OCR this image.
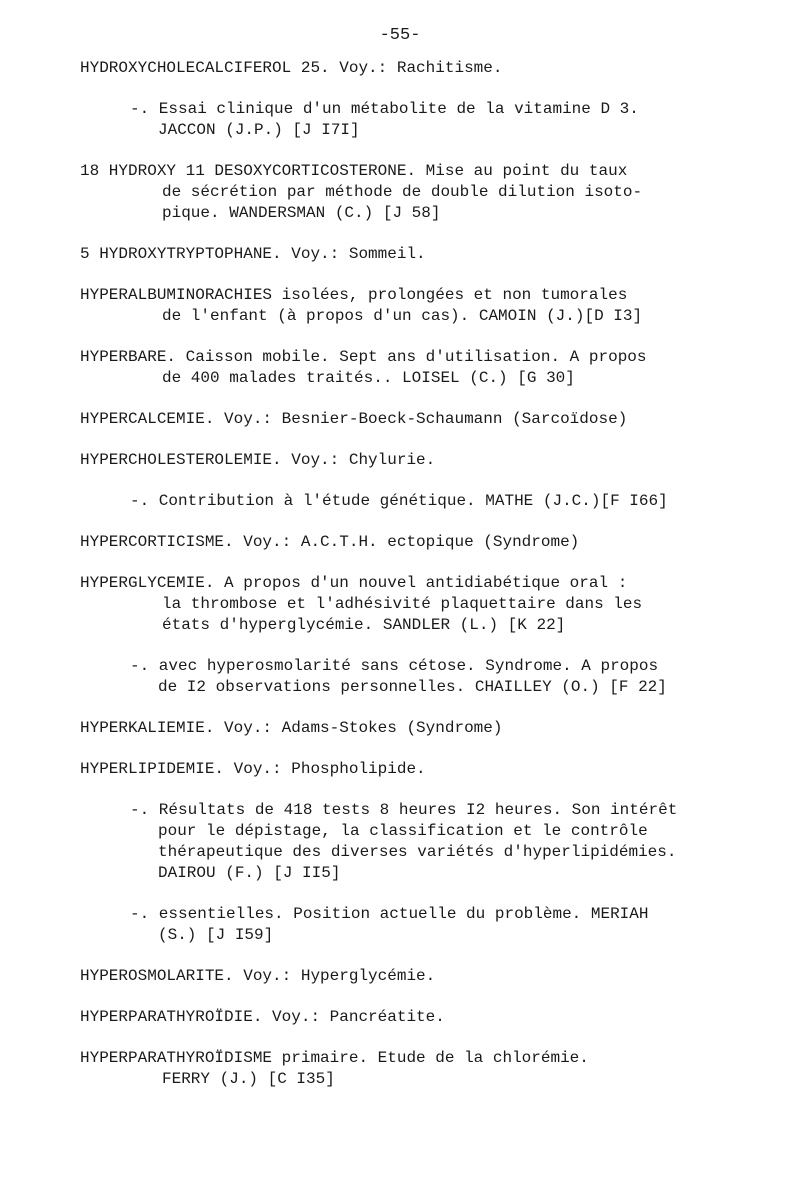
-55-
HYDROXYCHOLECALCIFEROL 25. Voy.: Rachitisme.
-. Essai clinique d'un métabolite de la vitamine D 3.
JACCON (J.P.) [J I7I]
18 HYDROXY 11 DESOXYCORTICOSTERONE. Mise au point du taux
de sécrétion par méthode de double dilution isoto-
pique. WANDERSMAN (C.) [J 58]
5 HYDROXYTRYPTOPHANE. Voy.: Sommeil.
HYPERALBUMINORACHIES isolées, prolongées et non tumorales
de l'enfant (à propos d'un cas). CAMOIN (J.)[D I3]
HYPERBARE. Caisson mobile. Sept ans d'utilisation. A propos
de 400 malades traités.. LOISEL (C.) [G 30]
HYPERCALCEMIE. Voy.: Besnier-Boeck-Schaumann (Sarcoïdose)
HYPERCHOLESTEROLEMIE. Voy.: Chylurie.
-. Contribution à l'étude génétique. MATHE (J.C.)[F I66]
HYPERCORTICISME. Voy.: A.C.T.H. ectopique (Syndrome)
HYPERGLYCEMIE. A propos d'un nouvel antidiabétique oral :
la thrombose et l'adhésivité plaquettaire dans les
états d'hyperglycémie. SANDLER (L.) [K 22]
-. avec hyperosmolarité sans cétose. Syndrome. A propos
de I2 observations personnelles. CHAILLEY (O.) [F 22]
HYPERKALIEMIE. Voy.: Adams-Stokes (Syndrome)
HYPERLIPIDEMIE. Voy.: Phospholipide.
-. Résultats de 418 tests 8 heures I2 heures. Son intérêt
pour le dépistage, la classification et le contrôle
thérapeutique des diverses variétés d'hyperlipidémies.
DAIROU (F.) [J II5]
-. essentielles. Position actuelle du problème. MERIAH
(S.) [J I59]
HYPEROSMOLARITE. Voy.: Hyperglycémie.
HYPERPARATHYROÏDIE. Voy.: Pancréatite.
HYPERPARATHYROÏDISME primaire. Etude de la chlorémie.
FERRY (J.) [C I35]
